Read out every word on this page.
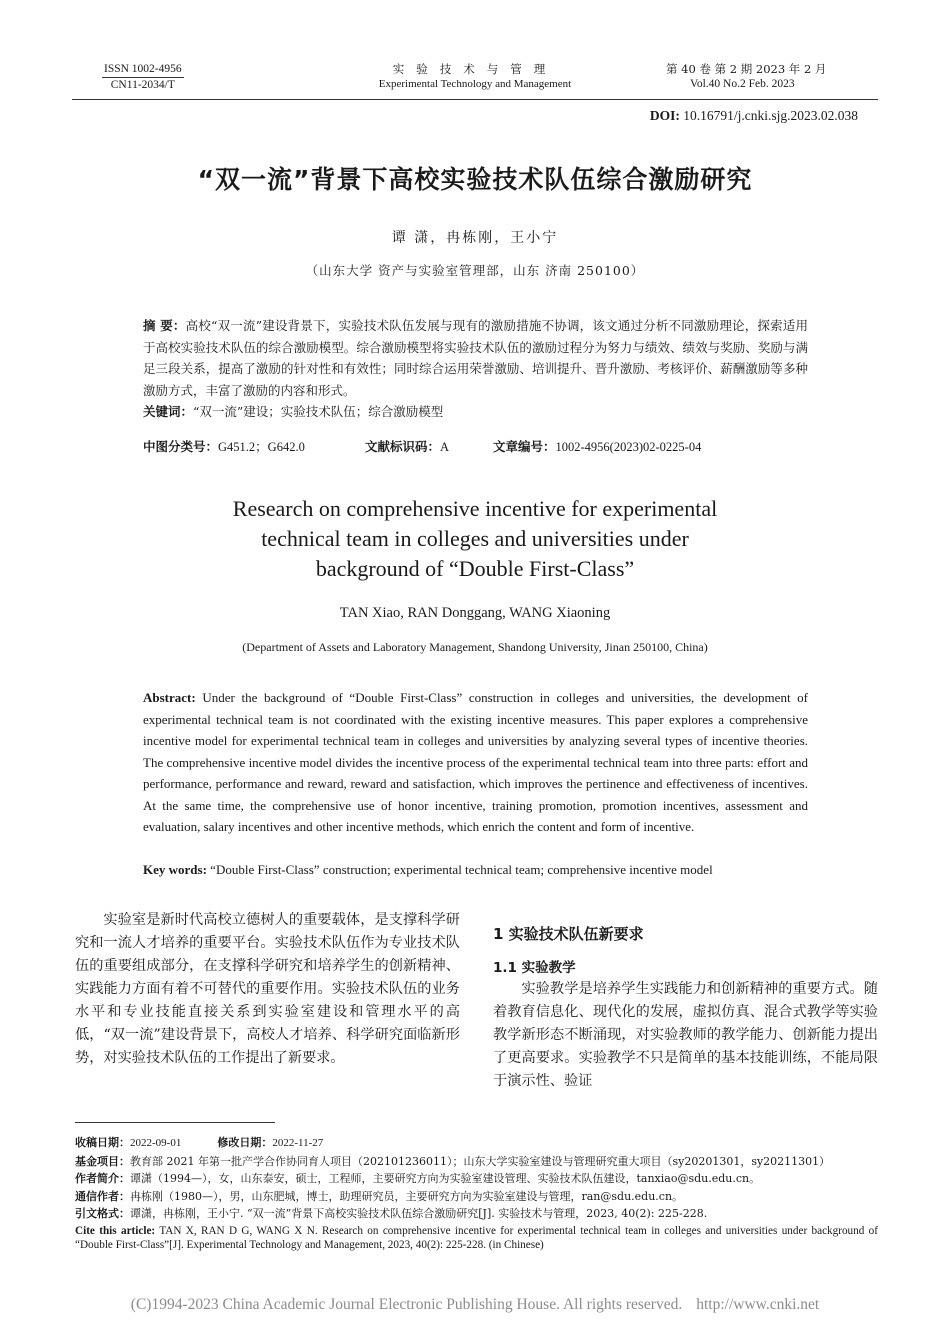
ISSN 1002-4956
CN11-2034/T
实验技术与管理
Experimental Technology and Management
第 40 卷 第 2 期 2023 年 2 月
Vol.40 No.2 Feb. 2023
DOI: 10.16791/j.cnki.sjg.2023.02.038
“双一流”背景下高校实验技术队伍综合激励研究
谭 潇，冉栋刚，王小宁
（山东大学 资产与实验室管理部，山东 济南 250100）
摘 要：高校“双一流”建设背景下，实验技术队伍发展与现有的激励措施不协调，该文通过分析不同激励理论，探索适用于高校实验技术队伍的综合激励模型。综合激励模型将实验技术队伍的激励过程分为努力与绩效、绩效与奖励、奖励与满足三段关系，提高了激励的针对性和有效性；同时综合运用荣誉激励、培训提升、晋升激励、考核评价、薪酬激励等多种激励方式，丰富了激励的内容和形式。
关键词：“双一流”建设；实验技术队伍；综合激励模型
中图分类号：G451.2；G642.0	文献标识码：A	文章编号：1002-4956(2023)02-0225-04
Research on comprehensive incentive for experimental
technical team in colleges and universities under
background of “Double First-Class”
TAN Xiao, RAN Donggang, WANG Xiaoning
(Department of Assets and Laboratory Management, Shandong University, Jinan 250100, China)
Abstract: Under the background of “Double First-Class” construction in colleges and universities, the development of experimental technical team is not coordinated with the existing incentive measures. This paper explores a comprehensive incentive model for experimental technical team in colleges and universities by analyzing several types of incentive theories. The comprehensive incentive model divides the incentive process of the experimental technical team into three parts: effort and performance, performance and reward, reward and satisfaction, which improves the pertinence and effectiveness of incentives. At the same time, the comprehensive use of honor incentive, training promotion, promotion incentives, assessment and evaluation, salary incentives and other incentive methods, which enrich the content and form of incentive.
Key words: “Double First-Class” construction; experimental technical team; comprehensive incentive model
实验室是新时代高校立德树人的重要载体，是支撑科学研究和一流人才培养的重要平台。实验技术队伍作为专业技术队伍的重要组成部分，在支撑科学研究和培养学生的创新精神、实践能力方面有着不可替代的重要作用。实验技术队伍的业务水平和专业技能直接关系到实验室建设和管理水平的高低，“双一流”建设背景下，高校人才培养、科学研究面临新形势，对实验技术队伍的工作提出了新要求。
1 实验技术队伍新要求
1.1 实验教学

实验教学是培养学生实践能力和创新精神的重要方式。随着教育信息化、现代化的发展，虚拟仿真、混合式教学等实验教学新形态不断涌现，对实验教师的教学能力、创新能力提出了更高要求。实验教学不只是简单的基本技能训练，不能局限于演示性、验证

收稿日期：2022-09-01	修改日期：2022-11-27
基金项目：教育部 2021 年第一批产学合作协同育人项目（202101236011）；山东大学实验室建设与管理研究重大项目（sy20201301，sy20211301）
作者简介：谭潇（1994—），女，山东泰安，硕士，工程师，主要研究方向为实验室建设管理、实验技术队伍建设，tanxiao@sdu.edu.cn。
通信作者：冉栋刚（1980—），男，山东肥城，博士，助理研究员，主要研究方向为实验室建设与管理，ran@sdu.edu.cn。
引文格式：谭潇，冉栋刚，王小宁. “双一流”背景下高校实验技术队伍综合激励研究[J]. 实验技术与管理，2023, 40(2): 225-228.
Cite this article: TAN X, RAN D G, WANG X N. Research on comprehensive incentive for experimental technical team in colleges and universities under background of “Double First-Class”[J]. Experimental Technology and Management, 2023, 40(2): 225-228. (in Chinese)
(C)1994-2023 China Academic Journal Electronic Publishing House. All rights reserved. http://www.cnki.net
